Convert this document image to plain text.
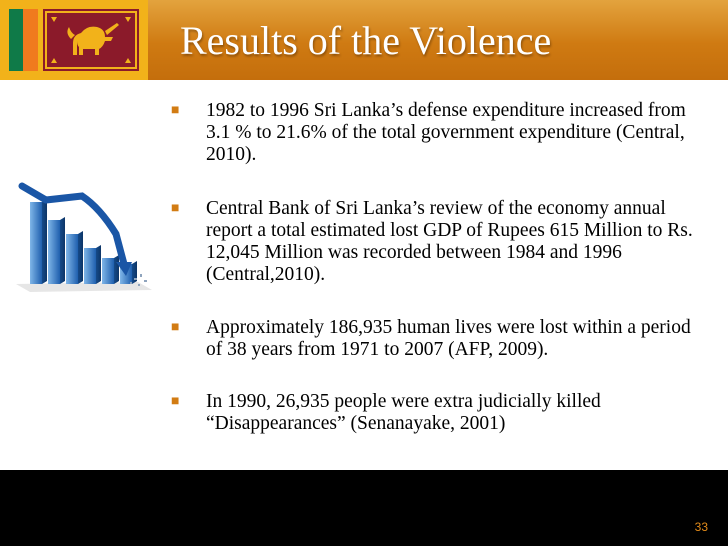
Results of the Violence
■	1982 to 1996 Sri Lanka’s defense expenditure increased from 3.1 % to 21.6% of the total government expenditure (Central, 2010).
■	Central Bank of Sri Lanka’s review of the economy annual report a total estimated lost GDP of Rupees 615 Million to Rs. 12,045 Million was recorded between 1984 and 1996 (Central,2010).
■	Approximately 186,935 human lives were lost within a period of 38 years from 1971 to 2007 (AFP, 2009).
■	In 1990, 26,935 people were extra judicially killed “Disappearances” (Senanayake, 2001)
33
